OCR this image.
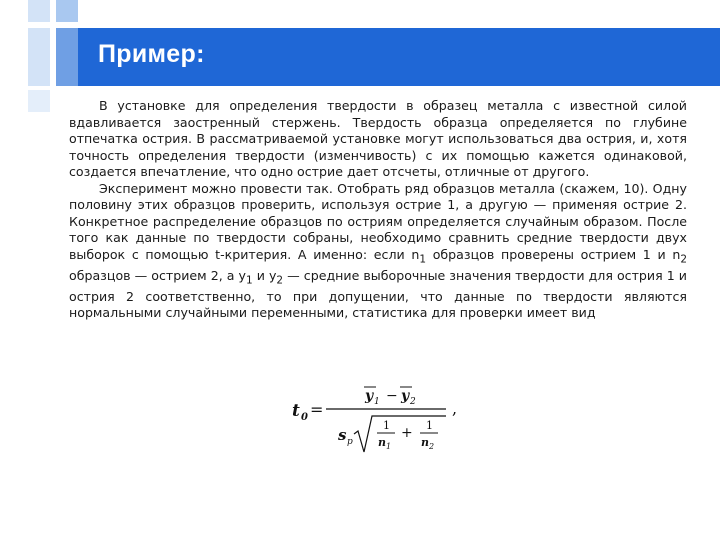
Пример:

В установке для определения твердости в образец металла с известной силой вдавливается заостренный стержень. Твердость образца определяется по глубине отпечатка острия. В рассматриваемой установке могут использоваться два острия, и, хотя точность определения твердости (изменчивость) с их помощью кажется одинаковой, создается впечатление, что одно острие дает отсчеты, отличные от другого.

Эксперимент можно провести так. Отобрать ряд образцов металла (скажем, 10). Одну половину этих образцов проверить, используя острие 1, а другую — применяя острие 2. Конкретное распределение образцов по остриям определяется случайным образом. После того как данные по твердости собраны, необходимо сравнить средние твердости двух выборок с помощью t-критерия. А именно: если $n_1$ образцов проверены острием 1 и $n_2$ образцов — острием 2, а $y_1$ и $y_2$ — средние выборочные значения твердости для острия 1 и острия 2 соответственно, то при допущении, что данные по твердости являются нормальными случайными переменными, статистика для проверки имеет вид

t 0 =
y 1 − y 2 ,
s p
1
n 1
+ 1
n 2
